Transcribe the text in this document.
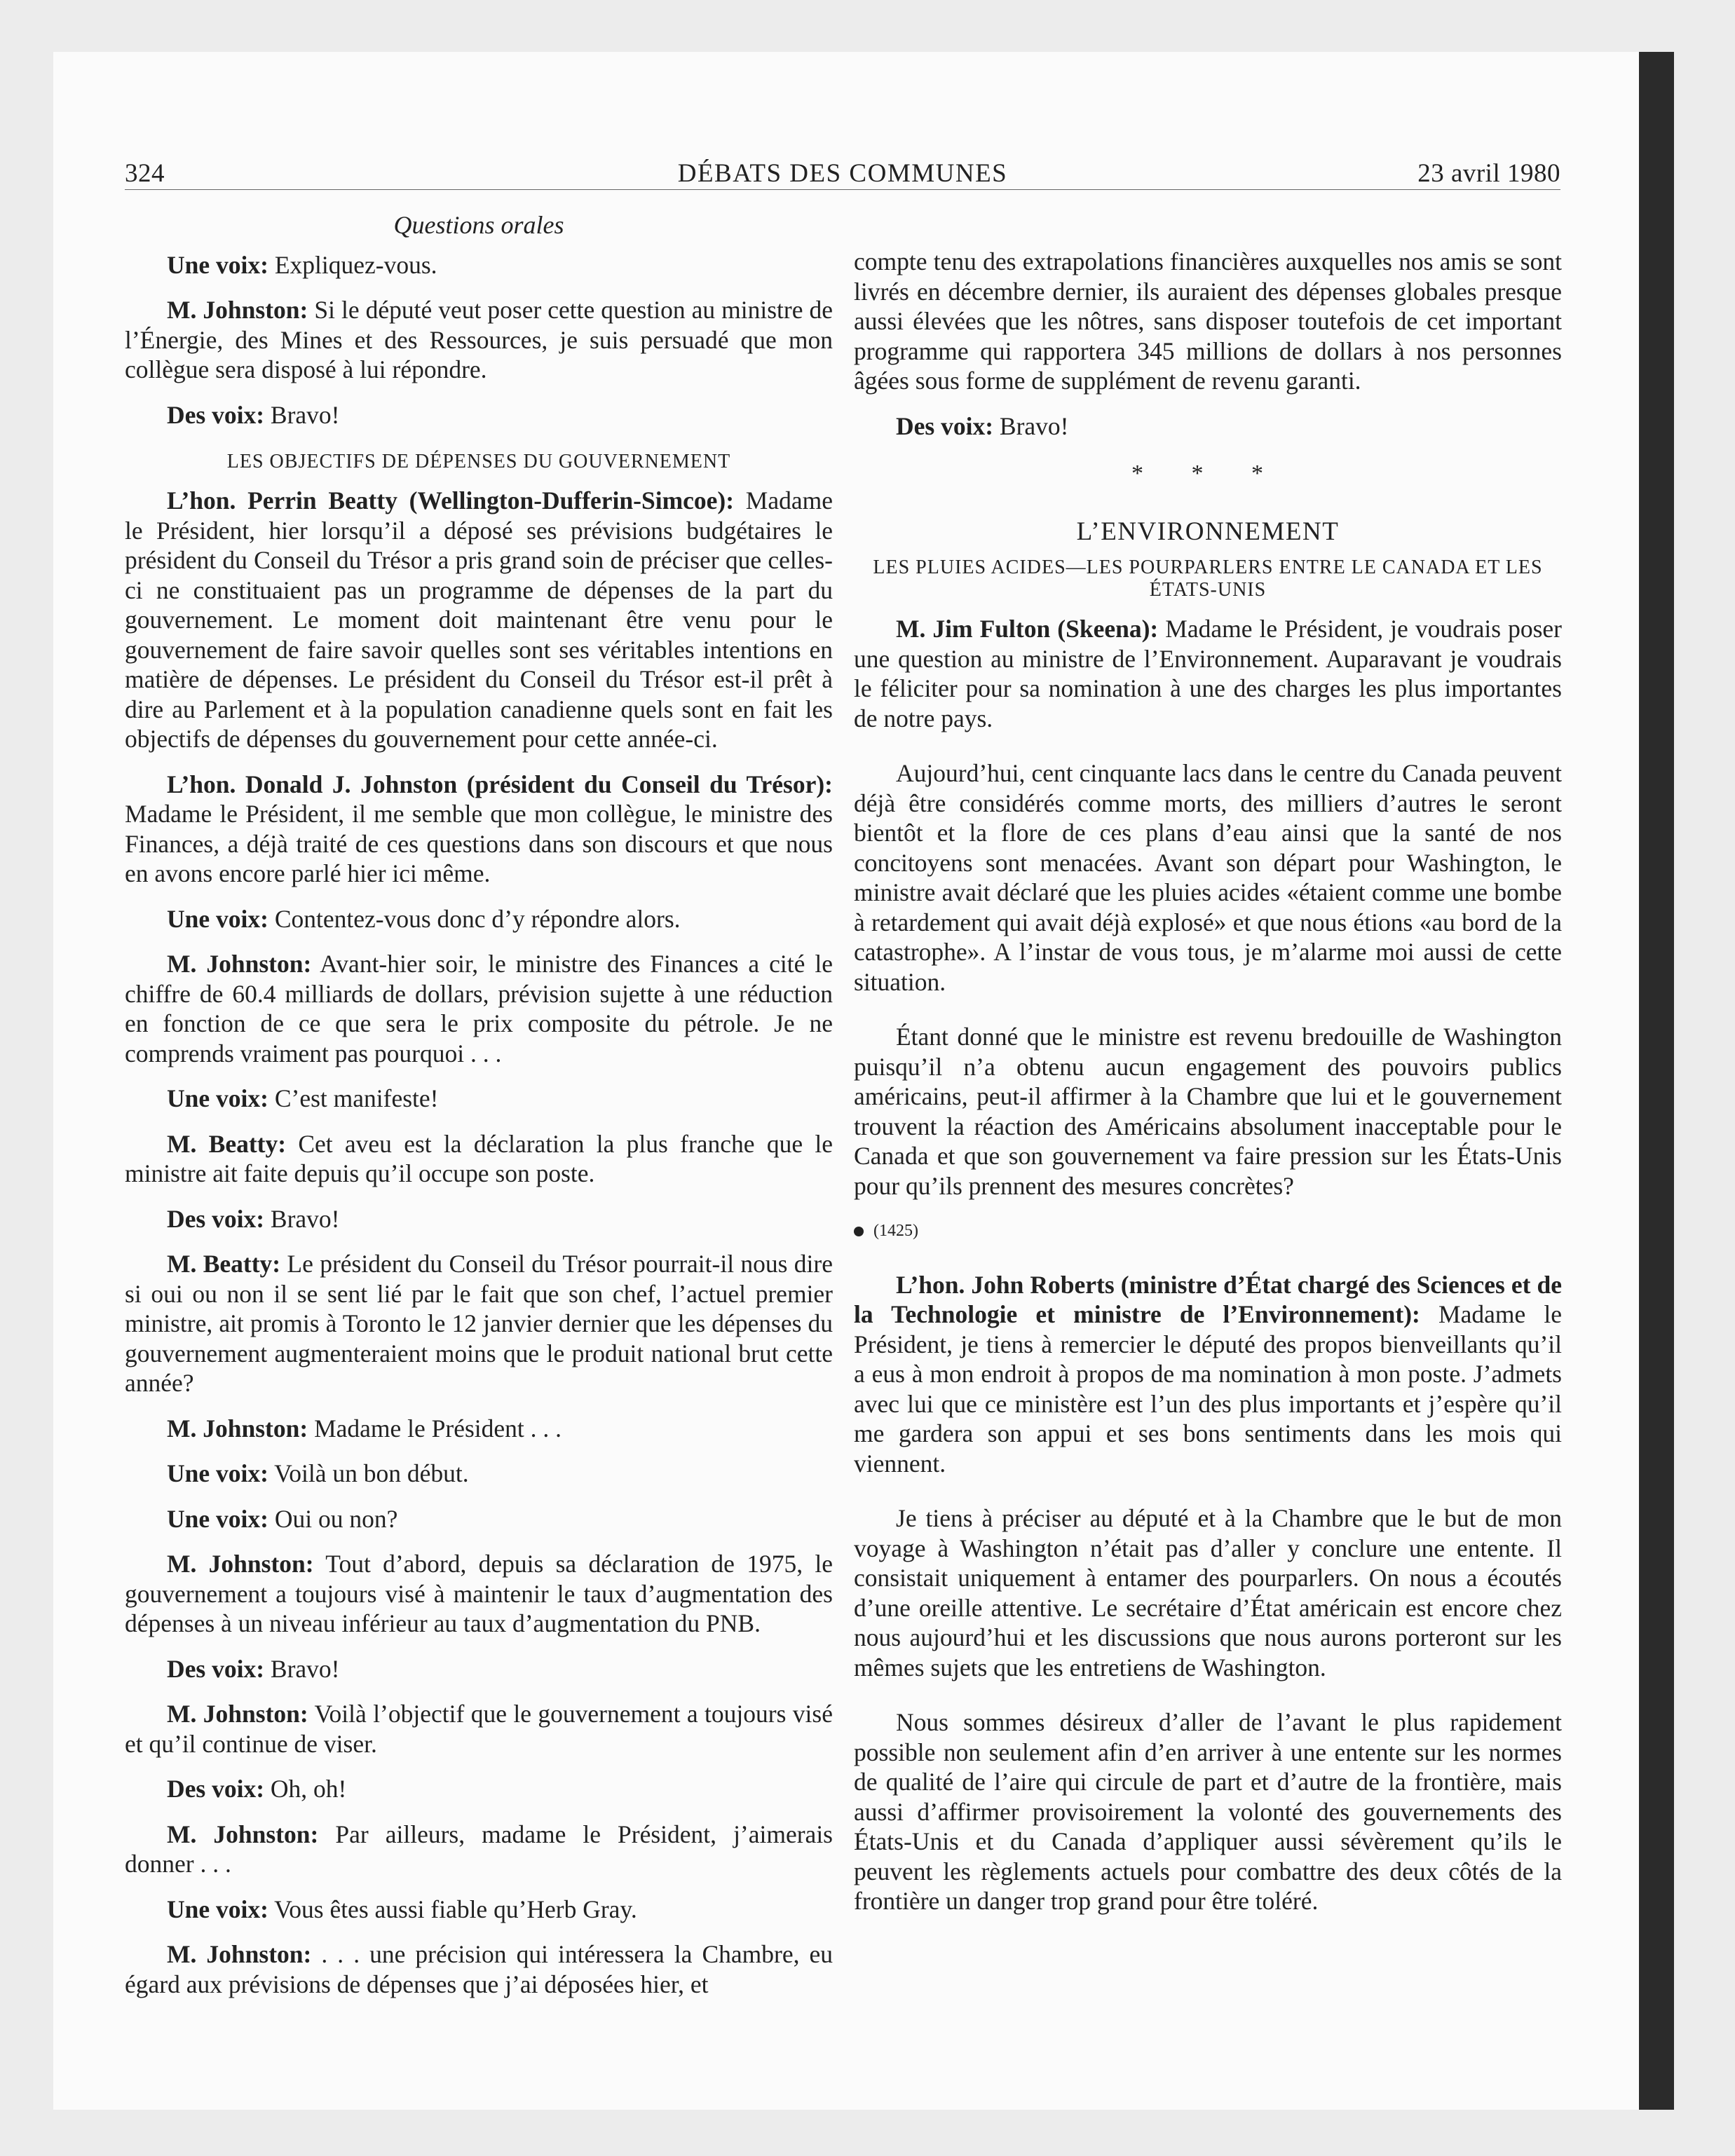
324	DÉBATS DES COMMUNES	23 avril 1980
Questions orales

Une voix: Expliquez-vous.

M. Johnston: Si le député veut poser cette question au ministre de l’Énergie, des Mines et des Ressources, je suis persuadé que mon collègue sera disposé à lui répondre.

Des voix: Bravo!

LES OBJECTIFS DE DÉPENSES DU GOUVERNEMENT

L’hon. Perrin Beatty (Wellington-Dufferin-Simcoe): Madame le Président, hier lorsqu’il a déposé ses prévisions budgétaires le président du Conseil du Trésor a pris grand soin de préciser que celles-ci ne constituaient pas un programme de dépenses de la part du gouvernement. Le moment doit maintenant être venu pour le gouvernement de faire savoir quelles sont ses véritables intentions en matière de dépenses. Le président du Conseil du Trésor est-il prêt à dire au Parlement et à la population canadienne quels sont en fait les objectifs de dépenses du gouvernement pour cette année-ci.

L’hon. Donald J. Johnston (président du Conseil du Trésor): Madame le Président, il me semble que mon collègue, le ministre des Finances, a déjà traité de ces questions dans son discours et que nous en avons encore parlé hier ici même.

Une voix: Contentez-vous donc d’y répondre alors.

M. Johnston: Avant-hier soir, le ministre des Finances a cité le chiffre de 60.4 milliards de dollars, prévision sujette à une réduction en fonction de ce que sera le prix composite du pétrole. Je ne comprends vraiment pas pourquoi . . .

Une voix: C’est manifeste!

M. Beatty: Cet aveu est la déclaration la plus franche que le ministre ait faite depuis qu’il occupe son poste.

Des voix: Bravo!

M. Beatty: Le président du Conseil du Trésor pourrait-il nous dire si oui ou non il se sent lié par le fait que son chef, l’actuel premier ministre, ait promis à Toronto le 12 janvier dernier que les dépenses du gouvernement augmenteraient moins que le produit national brut cette année?

M. Johnston: Madame le Président . . .

Une voix: Voilà un bon début.

Une voix: Oui ou non?

M. Johnston: Tout d’abord, depuis sa déclaration de 1975, le gouvernement a toujours visé à maintenir le taux d’augmentation des dépenses à un niveau inférieur au taux d’augmentation du PNB.

Des voix: Bravo!

M. Johnston: Voilà l’objectif que le gouvernement a toujours visé et qu’il continue de viser.

Des voix: Oh, oh!

M. Johnston: Par ailleurs, madame le Président, j’aimerais donner . . .

Une voix: Vous êtes aussi fiable qu’Herb Gray.

M. Johnston: . . . une précision qui intéressera la Chambre, eu égard aux prévisions de dépenses que j’ai déposées hier, et

compte tenu des extrapolations financières auxquelles nos amis se sont livrés en décembre dernier, ils auraient des dépenses globales presque aussi élevées que les nôtres, sans disposer toutefois de cet important programme qui rapportera 345 millions de dollars à nos personnes âgées sous forme de supplément de revenu garanti.

Des voix: Bravo!

* * *
L’ENVIRONNEMENT
LES PLUIES ACIDES—LES POURPARLERS ENTRE LE CANADA ET LES ÉTATS-UNIS

M. Jim Fulton (Skeena): Madame le Président, je voudrais poser une question au ministre de l’Environnement. Auparavant je voudrais le féliciter pour sa nomination à une des charges les plus importantes de notre pays.

Aujourd’hui, cent cinquante lacs dans le centre du Canada peuvent déjà être considérés comme morts, des milliers d’autres le seront bientôt et la flore de ces plans d’eau ainsi que la santé de nos concitoyens sont menacées. Avant son départ pour Washington, le ministre avait déclaré que les pluies acides «étaient comme une bombe à retardement qui avait déjà explosé» et que nous étions «au bord de la catastrophe». A l’instar de vous tous, je m’alarme moi aussi de cette situation.

Étant donné que le ministre est revenu bredouille de Washington puisqu’il n’a obtenu aucun engagement des pouvoirs publics américains, peut-il affirmer à la Chambre que lui et le gouvernement trouvent la réaction des Américains absolument inacceptable pour le Canada et que son gouvernement va faire pression sur les États-Unis pour qu’ils prennent des mesures concrètes?

(1425)

L’hon. John Roberts (ministre d’État chargé des Sciences et de la Technologie et ministre de l’Environnement): Madame le Président, je tiens à remercier le député des propos bienveillants qu’il a eus à mon endroit à propos de ma nomination à mon poste. J’admets avec lui que ce ministère est l’un des plus importants et j’espère qu’il me gardera son appui et ses bons sentiments dans les mois qui viennent.

Je tiens à préciser au député et à la Chambre que le but de mon voyage à Washington n’était pas d’aller y conclure une entente. Il consistait uniquement à entamer des pourparlers. On nous a écoutés d’une oreille attentive. Le secrétaire d’État américain est encore chez nous aujourd’hui et les discussions que nous aurons porteront sur les mêmes sujets que les entretiens de Washington.

Nous sommes désireux d’aller de l’avant le plus rapidement possible non seulement afin d’en arriver à une entente sur les normes de qualité de l’aire qui circule de part et d’autre de la frontière, mais aussi d’affirmer provisoirement la volonté des gouvernements des États-Unis et du Canada d’appliquer aussi sévèrement qu’ils le peuvent les règlements actuels pour combattre des deux côtés de la frontière un danger trop grand pour être toléré.
